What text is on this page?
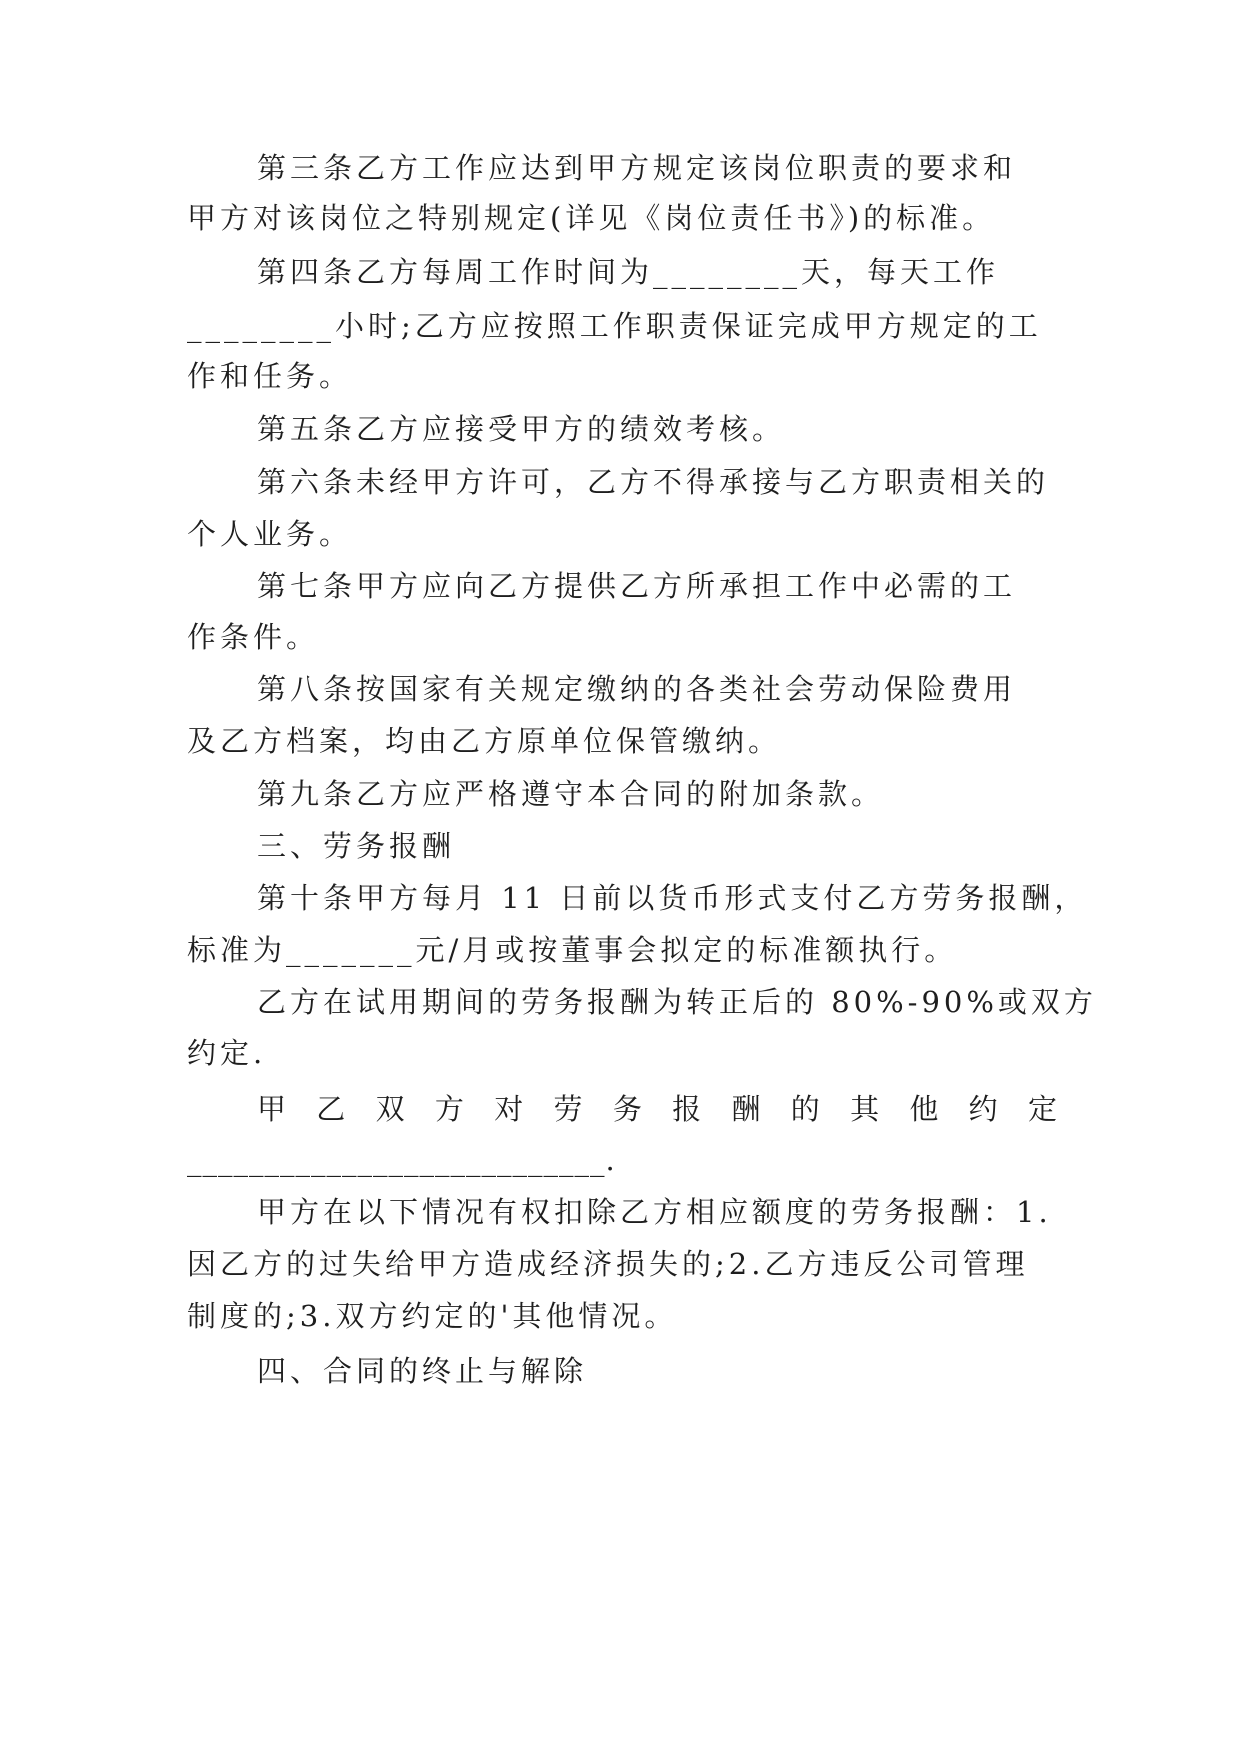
第三条乙方工作应达到甲方规定该岗位职责的要求和
甲方对该岗位之特别规定(详见《岗位责任书》)的标准。
第四条乙方每周工作时间为________天，每天工作
________小时;乙方应按照工作职责保证完成甲方规定的工
作和任务。
第五条乙方应接受甲方的绩效考核。
第六条未经甲方许可，乙方不得承接与乙方职责相关的
个人业务。
第七条甲方应向乙方提供乙方所承担工作中必需的工
作条件。
第八条按国家有关规定缴纳的各类社会劳动保险费用
及乙方档案，均由乙方原单位保管缴纳。
第九条乙方应严格遵守本合同的附加条款。
三、劳务报酬
第十条甲方每月 11 日前以货币形式支付乙方劳务报酬，
标准为_______元/月或按董事会拟定的标准额执行。
乙方在试用期间的劳务报酬为转正后的 80%-90%或双方
约定.
甲乙双方对劳务报酬的其他约定
___________________________.
甲方在以下情况有权扣除乙方相应额度的劳务报酬：1.
因乙方的过失给甲方造成经济损失的;2.乙方违反公司管理
制度的;3.双方约定的'其他情况。
四、合同的终止与解除
